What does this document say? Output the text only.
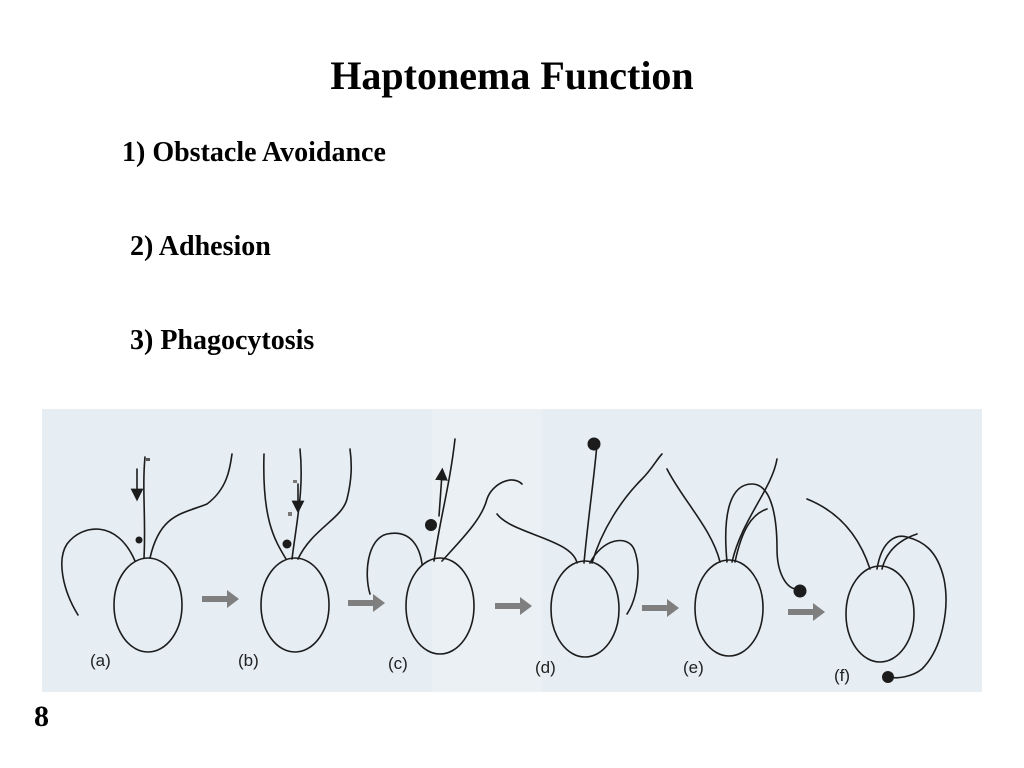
Haptonema Function
1) Obstacle Avoidance
2) Adhesion
3) Phagocytosis
(a)	(b)	(c)	(d)	(e)	(f)
8
